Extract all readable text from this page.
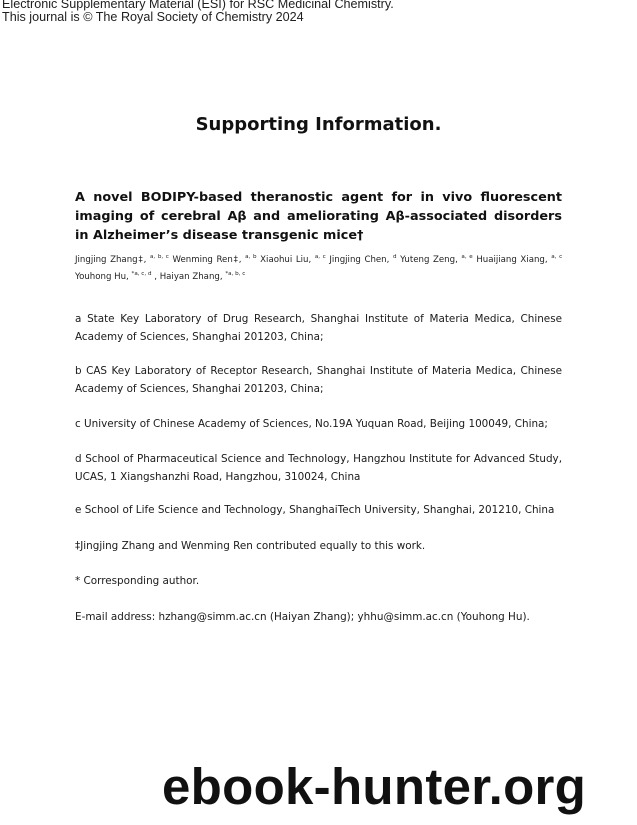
Electronic Supplementary Material (ESI) for RSC Medicinal Chemistry.
This journal is © The Royal Society of Chemistry 2024
Supporting Information.
A novel BODIPY-based theranostic agent for in vivo fluorescent imaging of cerebral Aβ and ameliorating Aβ-associated disorders in Alzheimer’s disease transgenic mice†
Jingjing Zhang‡, $^{a, b, c}$ Wenming Ren‡, $^{a, b}$ Xiaohui Liu, $^{a, c}$ Jingjing Chen, $^d$ Yuteng Zeng, $^{a, e}$ Huaijiang Xiang, $^{a, c}$ Youhong Hu, $^{*a, c, d}$ , Haiyan Zhang, $^{*a, b, c}$
a State Key Laboratory of Drug Research, Shanghai Institute of Materia Medica, Chinese Academy of Sciences, Shanghai 201203, China;
b CAS Key Laboratory of Receptor Research, Shanghai Institute of Materia Medica, Chinese Academy of Sciences, Shanghai 201203, China;
c University of Chinese Academy of Sciences, No.19A Yuquan Road, Beijing 100049, China;
d School of Pharmaceutical Science and Technology, Hangzhou Institute for Advanced Study, UCAS, 1 Xiangshanzhi Road, Hangzhou, 310024, China
e School of Life Science and Technology, ShanghaiTech University, Shanghai, 201210, China
‡Jingjing Zhang and Wenming Ren contributed equally to this work.
* Corresponding author.
E-mail address: hzhang@simm.ac.cn (Haiyan Zhang); yhhu@simm.ac.cn (Youhong Hu).
ebook-hunter.org
